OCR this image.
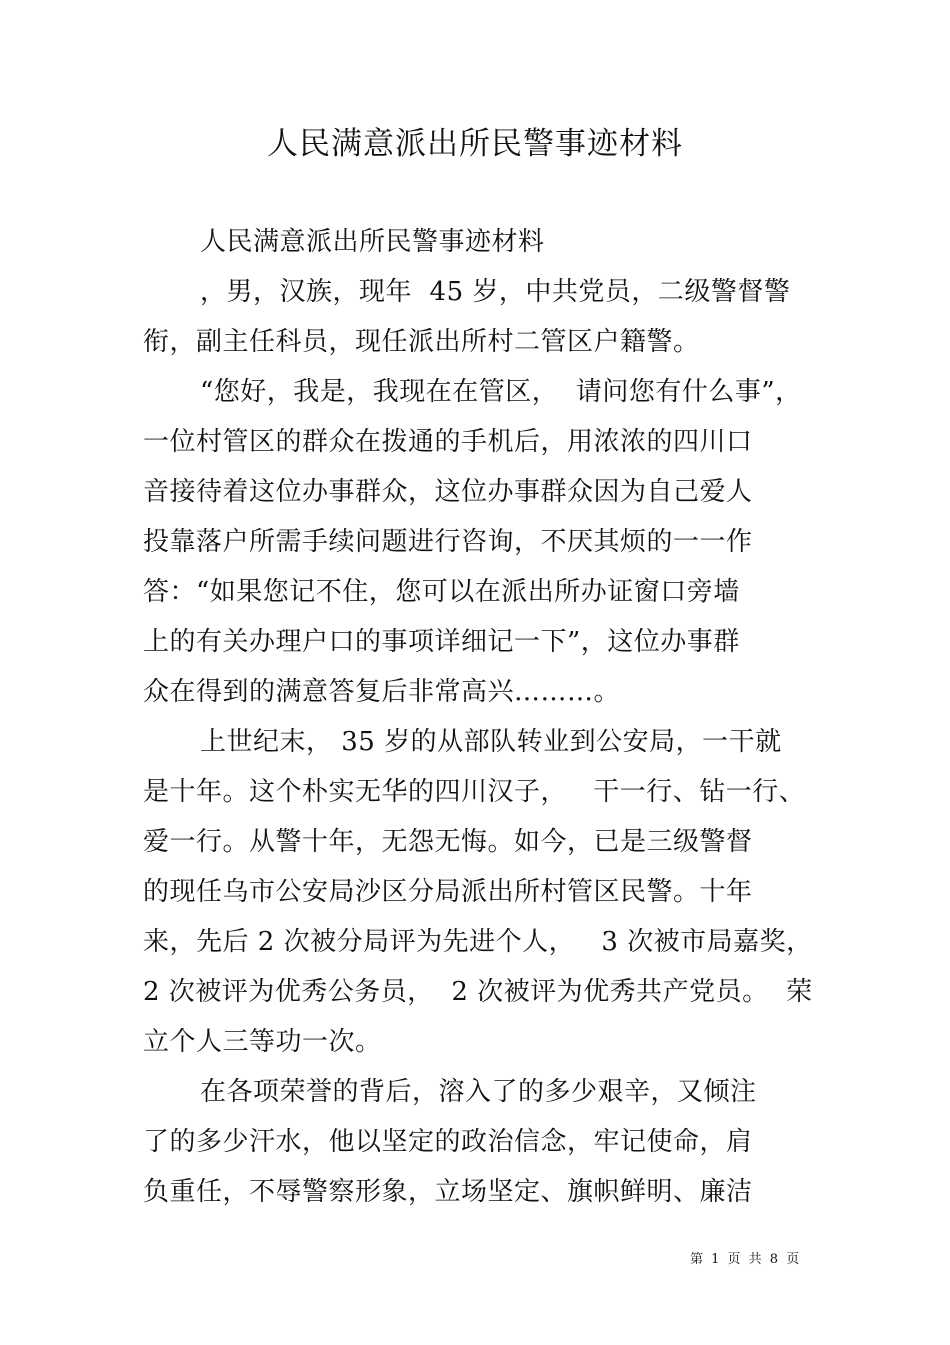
人民满意派出所民警事迹材料
人民满意派出所民警事迹材料
，男，汉族，现年  45 岁，中共党员，二级警督警
衔，副主任科员，现任派出所村二管区户籍警。
“您好，我是，我现在在管区，  请问您有什么事”，
一位村管区的群众在拨通的手机后，用浓浓的四川口
音接待着这位办事群众，这位办事群众因为自己爱人
投靠落户所需手续问题进行咨询，不厌其烦的一一作
答：“如果您记不住，您可以在派出所办证窗口旁墙
上的有关办理户口的事项详细记一下”，这位办事群
众在得到的满意答复后非常高兴………。
上世纪末， 35 岁的从部队转业到公安局，一干就
是十年。这个朴实无华的四川汉子，   干一行、钻一行、
爱一行。从警十年，无怨无悔。如今，已是三级警督
的现任乌市公安局沙区分局派出所村管区民警。十年
来，先后 2 次被分局评为先进个人，   3 次被市局嘉奖，
2 次被评为优秀公务员，  2 次被评为优秀共产党员。  荣
立个人三等功一次。
在各项荣誉的背后，溶入了的多少艰辛，又倾注
了的多少汗水，他以坚定的政治信念，牢记使命，肩
负重任，不辱警察形象，立场坚定、旗帜鲜明、廉洁
第 1 页 共 8 页
